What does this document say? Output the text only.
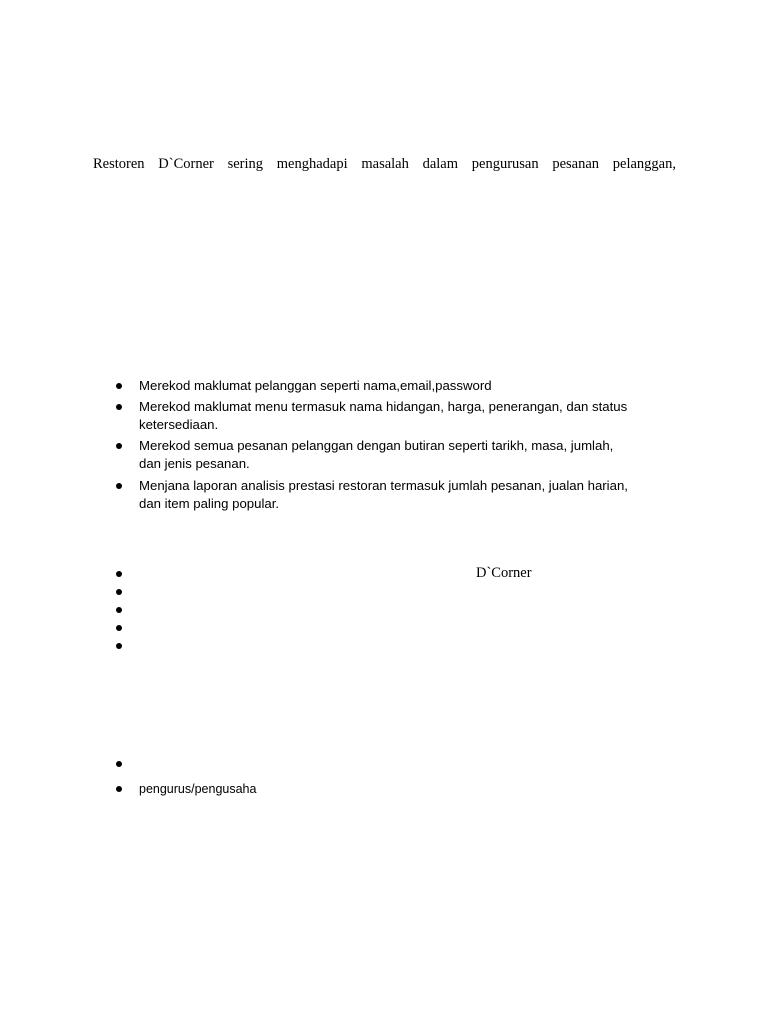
Restoren D`Corner sering menghadapi masalah dalam pengurusan pesanan pelanggan,
Merekod maklumat pelanggan seperti nama,email,password
Merekod maklumat menu termasuk nama hidangan, harga, penerangan, dan status
ketersediaan.
Merekod semua pesanan pelanggan dengan butiran seperti tarikh, masa, jumlah,
dan jenis pesanan.
Menjana laporan analisis prestasi restoran termasuk jumlah pesanan, jualan harian,
dan item paling popular.
D`Corner
pengurus/pengusaha
